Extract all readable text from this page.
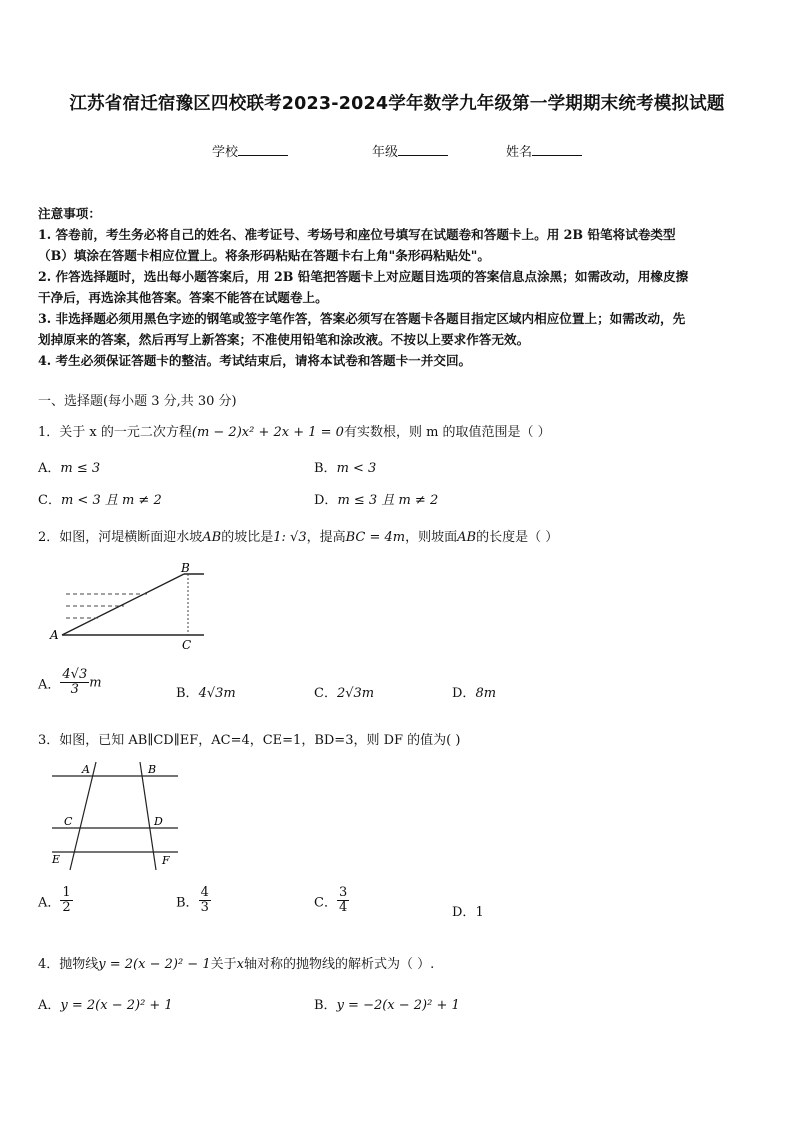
江苏省宿迁宿豫区四校联考2023-2024学年数学九年级第一学期期末统考模拟试题
学校	年级	姓名
注意事项：
1. 答卷前，考生务必将自己的姓名、准考证号、考场号和座位号填写在试题卷和答题卡上。用 2B 铅笔将试卷类型
（B）填涂在答题卡相应位置上。将条形码粘贴在答题卡右上角"条形码粘贴处"。
2. 作答选择题时，选出每小题答案后，用 2B 铅笔把答题卡上对应题目选项的答案信息点涂黑；如需改动，用橡皮擦
干净后，再选涂其他答案。答案不能答在试题卷上。
3. 非选择题必须用黑色字迹的钢笔或签字笔作答，答案必须写在答题卡各题目指定区域内相应位置上；如需改动，先
划掉原来的答案，然后再写上新答案；不准使用铅笔和涂改液。不按以上要求作答无效。
4. 考生必须保证答题卡的整洁。考试结束后，请将本试卷和答题卡一并交回。
一、选择题(每小题 3 分,共 30 分)
1．关于 x 的一元二次方程(m − 2)x² + 2x + 1 = 0有实数根，则 m 的取值范围是（ ）
A．m ≤ 3	B．m < 3
C．m < 3 且 m ≠ 2	D．m ≤ 3 且 m ≠ 2
2．如图，河堤横断面迎水坡AB的坡比是1: √3，提高BC = 4m，则坡面AB的长度是（ ）
A
B
C
A． $\frac{4√3}{3}$ m
B．4√3m	C．2√3m	D．8m
3．如图，已知 AB∥CD∥EF，AC=4，CE=1，BD=3，则 DF 的值为( )
A	B
C	D
E	F
A． $\frac{1}{2}$	B． $\frac{4}{3}$	C． $\frac{3}{4}$	D．1
4．抛物线y = 2(x − 2)² − 1关于x轴对称的抛物线的解析式为（ ）.
A．y = 2(x − 2)² + 1	B．y = −2(x − 2)² + 1
